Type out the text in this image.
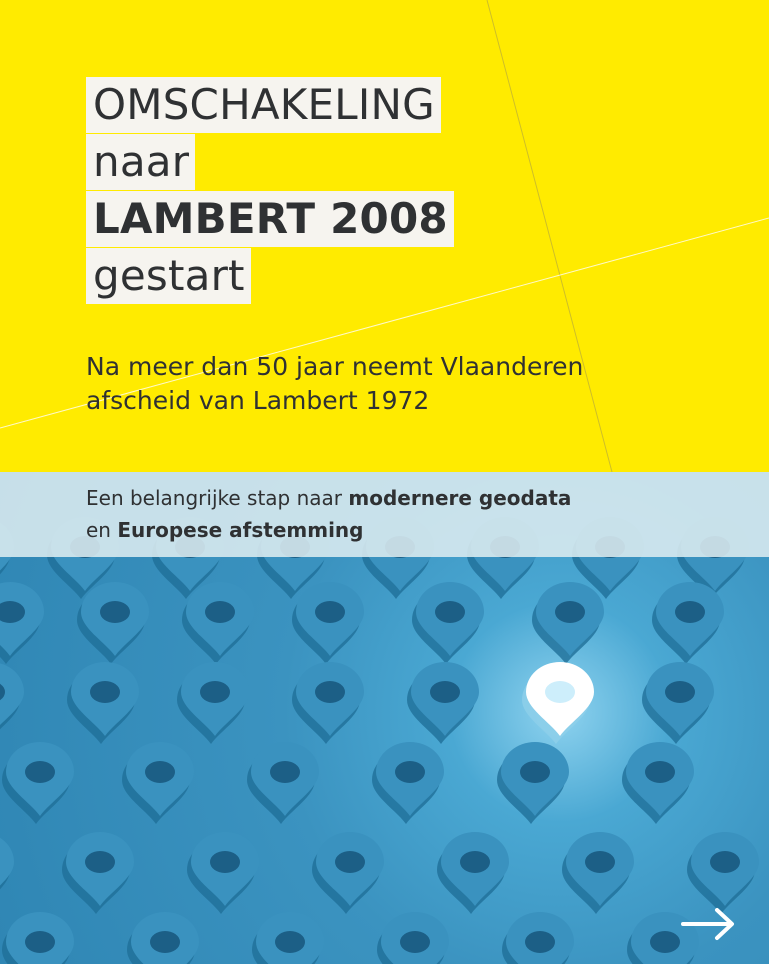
OMSCHAKELING
naar
LAMBERT 2008
gestart
Na meer dan 50 jaar neemt Vlaanderen
afscheid van Lambert 1972

Een belangrijke stap naar modernere geodata
en Europese afstemming
